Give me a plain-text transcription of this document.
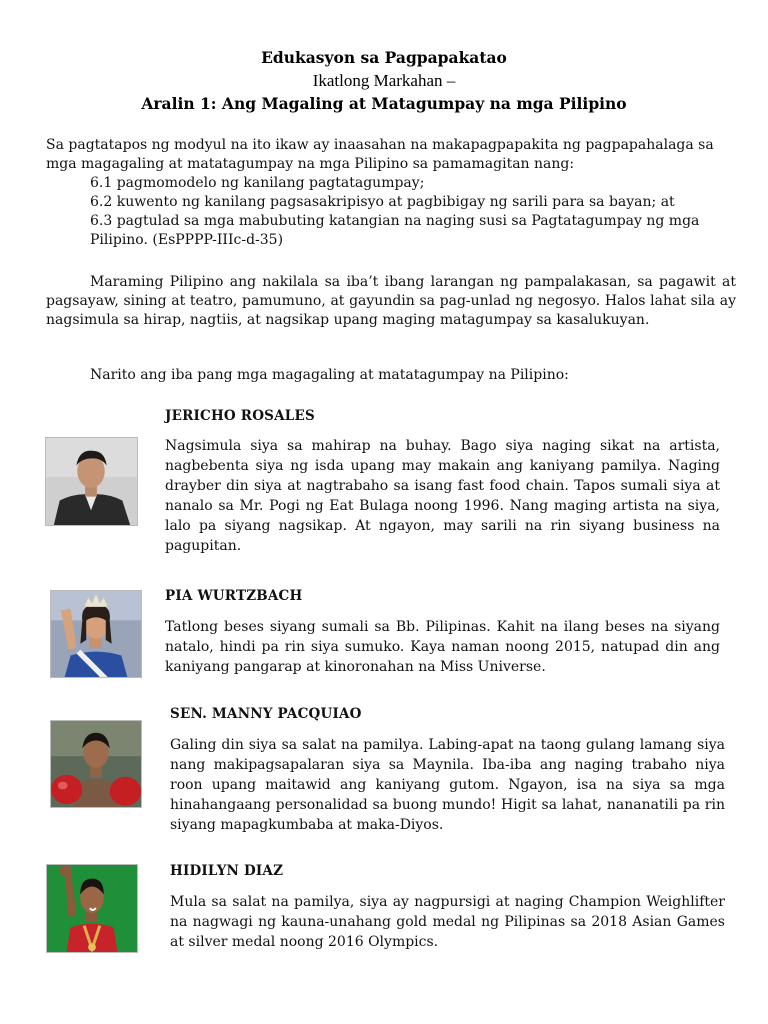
Edukasyon sa Pagpapakatao
Ikatlong Markahan –
Aralin 1: Ang Magaling at Matagumpay na mga Pilipino

Sa pagtatapos ng modyul na ito ikaw ay inaasahan na makapagpapakita ng pagpapahalaga sa mga magagaling at matatagumpay na mga Pilipino sa pamamagitan nang:

6.1 pagmomodelo ng kanilang pagtatagumpay;

6.2 kuwento ng kanilang pagsasakripisyo at pagbibigay ng sarili para sa bayan; at

6.3 pagtulad sa mga mabubuting katangian na naging susi sa Pagtatagumpay ng mga Pilipino. (EsPPPP-IIIc-d-35)

Maraming Pilipino ang nakilala sa iba’t ibang larangan ng pampalakasan, sa pagawit at pagsayaw, sining at teatro, pamumuno, at gayundin sa pag-unlad ng negosyo. Halos lahat sila ay nagsimula sa hirap, nagtiis, at nagsikap upang maging matagumpay sa kasalukuyan.

Narito ang iba pang mga magagaling at matatagumpay na Pilipino:

JERICHO ROSALES

Nagsimula siya sa mahirap na buhay. Bago siya naging sikat na artista, nagbebenta siya ng isda upang may makain ang kaniyang pamilya. Naging drayber din siya at nagtrabaho sa isang fast food chain. Tapos sumali siya at nanalo sa Mr. Pogi ng Eat Bulaga noong 1996. Nang maging artista na siya, lalo pa siyang nagsikap. At ngayon, may sarili na rin siyang business na pagupitan.

PIA WURTZBACH

Tatlong beses siyang sumali sa Bb. Pilipinas. Kahit na ilang beses na siyang natalo, hindi pa rin siya sumuko. Kaya naman noong 2015, natupad din ang kaniyang pangarap at kinoronahan na Miss Universe.

SEN. MANNY PACQUIAO

Galing din siya sa salat na pamilya. Labing-apat na taong gulang lamang siya nang makipagsapalaran siya sa Maynila. Iba-iba ang naging trabaho niya roon upang maitawid ang kaniyang gutom. Ngayon, isa na siya sa mga hinahangaang personalidad sa buong mundo! Higit sa lahat, nananatili pa rin siyang mapagkumbaba at maka-Diyos.

HIDILYN DIAZ

Mula sa salat na pamilya, siya ay nagpursigi at naging Champion Weighlifter na nagwagi ng kauna-unahang gold medal ng Pilipinas sa 2018 Asian Games at silver medal noong 2016 Olympics.
